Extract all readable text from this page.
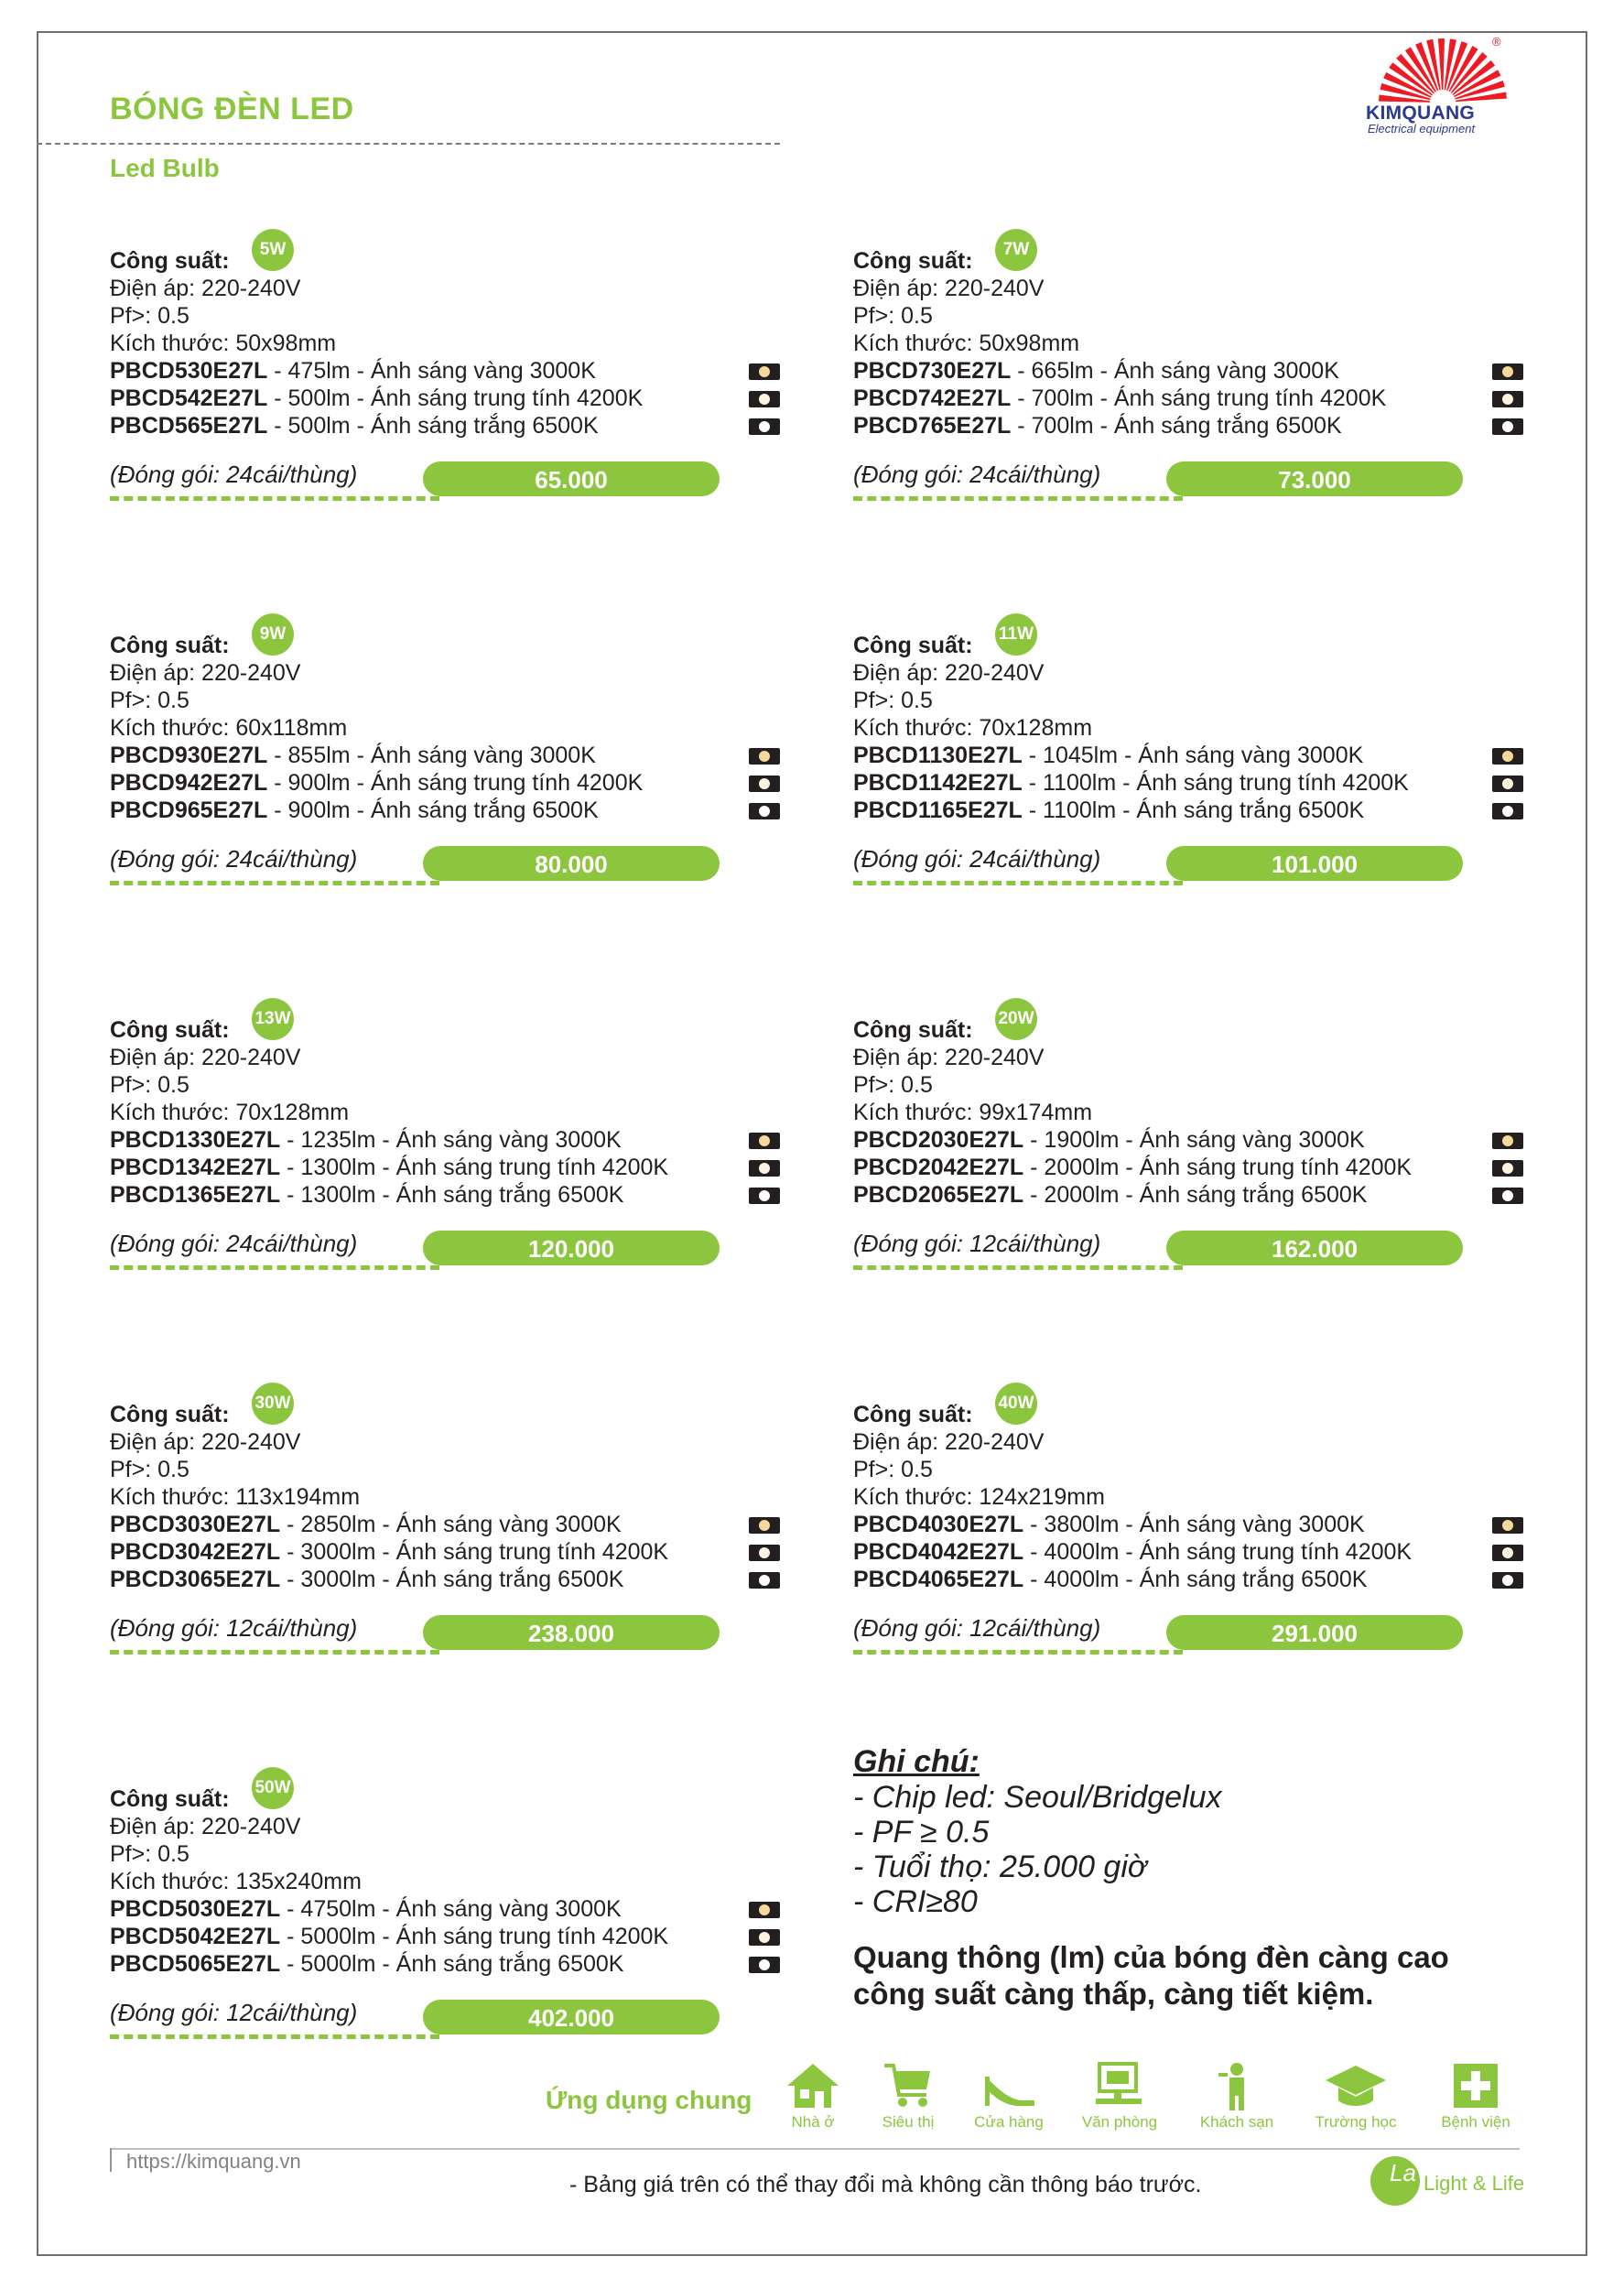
BÓNG ĐÈN LED
Led Bulb
®
KIMQUANG
Electrical equipment
Công suất:	5W
Điện áp: 220-240V
Pf>: 0.5
Kích thước: 50x98mm
PBCD530E27L - 475lm - Ánh sáng vàng 3000K
PBCD542E27L - 500lm - Ánh sáng trung tính 4200K
PBCD565E27L - 500lm - Ánh sáng trắng 6500K
(Đóng gói: 24cái/thùng)	65.000
Công suất:	7W
Điện áp: 220-240V
Pf>: 0.5
Kích thước: 50x98mm
PBCD730E27L - 665lm - Ánh sáng vàng 3000K
PBCD742E27L - 700lm - Ánh sáng trung tính 4200K
PBCD765E27L - 700lm - Ánh sáng trắng 6500K
(Đóng gói: 24cái/thùng)	73.000
Công suất:	9W
Điện áp: 220-240V
Pf>: 0.5
Kích thước: 60x118mm
PBCD930E27L - 855lm - Ánh sáng vàng 3000K
PBCD942E27L - 900lm - Ánh sáng trung tính 4200K
PBCD965E27L - 900lm - Ánh sáng trắng 6500K
(Đóng gói: 24cái/thùng)	80.000
Công suất: 11W
Điện áp: 220-240V
Pf>: 0.5
Kích thước: 70x128mm
PBCD1130E27L - 1045lm - Ánh sáng vàng 3000K
PBCD1142E27L - 1100lm - Ánh sáng trung tính 4200K
PBCD1165E27L - 1100lm - Ánh sáng trắng 6500K
(Đóng gói: 24cái/thùng)	101.000
Công suất: 13W
Điện áp: 220-240V
Pf>: 0.5
Kích thước: 70x128mm
PBCD1330E27L - 1235lm - Ánh sáng vàng 3000K
PBCD1342E27L - 1300lm - Ánh sáng trung tính 4200K
PBCD1365E27L - 1300lm - Ánh sáng trắng 6500K
(Đóng gói: 24cái/thùng)	120.000
Công suất: 20W
Điện áp: 220-240V
Pf>: 0.5
Kích thước: 99x174mm
PBCD2030E27L - 1900lm - Ánh sáng vàng 3000K
PBCD2042E27L - 2000lm - Ánh sáng trung tính 4200K
PBCD2065E27L - 2000lm - Ánh sáng trắng 6500K
(Đóng gói: 12cái/thùng)	162.000
Công suất: 30W
Điện áp: 220-240V
Pf>: 0.5
Kích thước: 113x194mm
PBCD3030E27L - 2850lm - Ánh sáng vàng 3000K
PBCD3042E27L - 3000lm - Ánh sáng trung tính 4200K
PBCD3065E27L - 3000lm - Ánh sáng trắng 6500K
(Đóng gói: 12cái/thùng)	238.000
Công suất: 40W
Điện áp: 220-240V
Pf>: 0.5
Kích thước: 124x219mm
PBCD4030E27L - 3800lm - Ánh sáng vàng 3000K
PBCD4042E27L - 4000lm - Ánh sáng trung tính 4200K
PBCD4065E27L - 4000lm - Ánh sáng trắng 6500K
(Đóng gói: 12cái/thùng)	291.000
Công suất: 50W
Điện áp: 220-240V
Pf>: 0.5
Kích thước: 135x240mm
PBCD5030E27L - 4750lm - Ánh sáng vàng 3000K
PBCD5042E27L - 5000lm - Ánh sáng trung tính 4200K
PBCD5065E27L - 5000lm - Ánh sáng trắng 6500K
(Đóng gói: 12cái/thùng)	402.000
Ghi chú:
- Chip led: Seoul/Bridgelux
- PF ≥ 0.5
- Tuổi thọ: 25.000 giờ
- CRI≥80
Quang thông (lm) của bóng đèn càng cao
công suất càng thấp, càng tiết kiệm.
Ứng dụng chung
Nhà ở	Siêu thị	Cửa hàng	Văn phòng	Khách sạn	Trường học	Bệnh viện
https://kimquang.vn
- Bảng giá trên có thể thay đổi mà không cần thông báo trước.	La Light & Life
